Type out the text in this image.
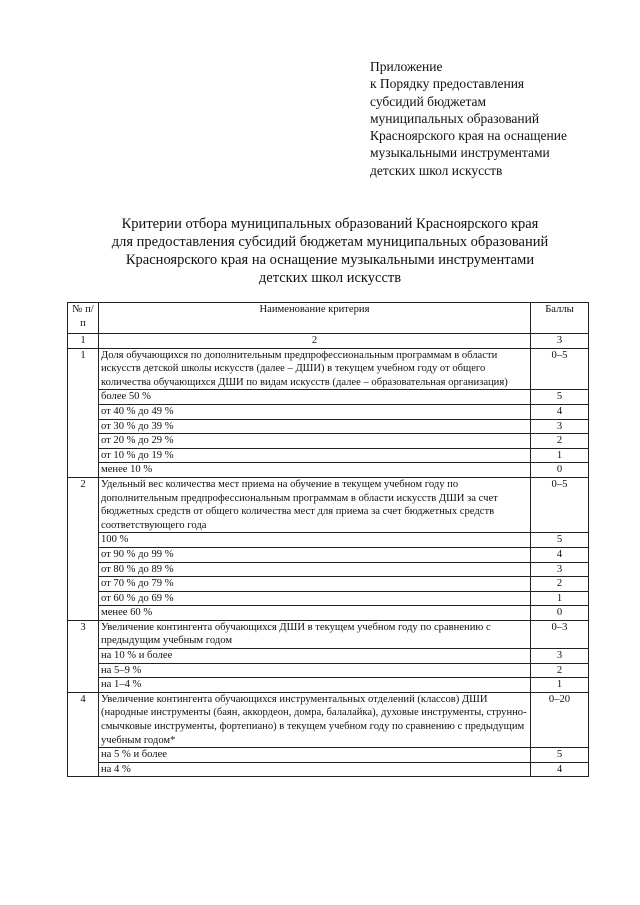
Приложение
к Порядку предоставления
субсидий бюджетам
муниципальных образований
Красноярского края на оснащение
музыкальными инструментами
детских школ искусств
Критерии отбора муниципальных образований Красноярского края
для предоставления субсидий бюджетам муниципальных образований
Красноярского края на оснащение музыкальными инструментами
детских школ искусств
№ п/п	Наименование критерия	Баллы
1	2	3
1	Доля обучающихся по дополнительным предпрофессиональным программам в области искусств детской школы искусств (далее – ДШИ) в текущем учебном году от общего количества обучающихся ДШИ по видам искусств (далее – образовательная организация)	0–5
	более 50 %	5
	от 40 % до 49 %	4
	от 30 % до 39 %	3
	от 20 % до 29 %	2
	от 10 % до 19 %	1
	менее 10 %	0
2	Удельный вес количества мест приема на обучение в текущем учебном году по дополнительным предпрофессиональным программам в области искусств ДШИ за счет бюджетных средств от общего количества мест для приема за счет бюджетных средств соответствующего года	0–5
	100 %	5
	от 90 % до 99 %	4
	от 80 % до 89 %	3
	от 70 % до 79 %	2
	от 60 % до 69 %	1
	менее 60 %	0
3	Увеличение контингента обучающихся ДШИ в текущем учебном году по сравнению с предыдущим учебным годом	0–3
	на 10 % и более	3
	на 5–9 %	2
	на 1–4 %	1
4	Увеличение контингента обучающихся инструментальных отделений (классов) ДШИ (народные инструменты (баян, аккордеон, домра, балалайка), духовые инструменты, струнно-смычковые инструменты, фортепиано) в текущем учебном году по сравнению с предыдущим учебным годом*	0–20
	на 5 % и более	5
	на 4 %	4
